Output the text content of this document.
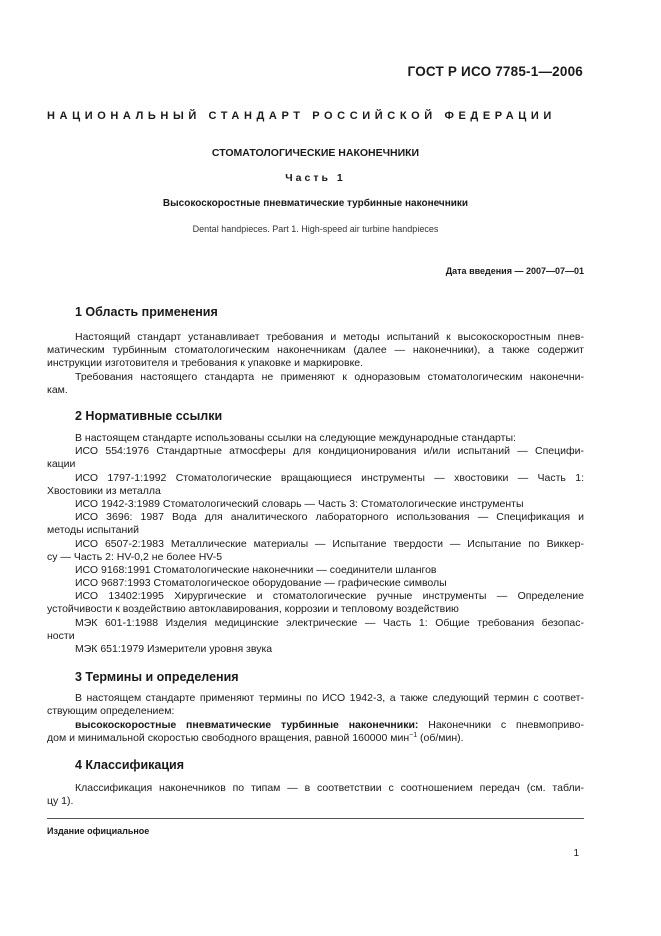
ГОСТ Р ИСО 7785-1—2006
НАЦИОНАЛЬНЫЙ СТАНДАРТ РОССИЙСКОЙ ФЕДЕРАЦИИ
СТОМАТОЛОГИЧЕСКИЕ НАКОНЕЧНИКИ
Часть 1
Высокоскоростные пневматические турбинные наконечники
Dental handpieces. Part 1. High-speed air turbine handpieces
Дата введения — 2007—07—01
1 Область применения
Настоящий стандарт устанавливает требования и методы испытаний к высокоскоростным пнев-
матическим турбинным стоматологическим наконечникам (далее — наконечники), а также содержит
инструкции изготовителя и требования к упаковке и маркировке.
Требования настоящего стандарта не применяют к одноразовым стоматологическим наконечни-
кам.
2 Нормативные ссылки
В настоящем стандарте использованы ссылки на следующие международные стандарты:
ИСО 554:1976 Стандартные атмосферы для кондиционирования и/или испытаний — Специфи-
кации
ИСО 1797-1:1992 Стоматологические вращающиеся инструменты — хвостовики — Часть 1:
Хвостовики из металла
ИСО 1942-3:1989 Стоматологический словарь — Часть 3: Стоматологические инструменты
ИСО 3696: 1987 Вода для аналитического лабораторного использования — Спецификация и
методы испытаний
ИСО 6507-2:1983 Металлические материалы — Испытание твердости — Испытание по Виккер-
су — Часть 2: HV-0,2 не более HV-5
ИСО 9168:1991 Стоматологические наконечники — соединители шлангов
ИСО 9687:1993 Стоматологическое оборудование — графические символы
ИСО 13402:1995 Хирургические и стоматологические ручные инструменты — Определение
устойчивости к воздействию автоклавирования, коррозии и тепловому воздействию
МЭК 601-1:1988 Изделия медицинские электрические — Часть 1: Общие требования безопас-
ности
МЭК 651:1979 Измерители уровня звука
3 Термины и определения
В настоящем стандарте применяют термины по ИСО 1942-3, а также следующий термин с соответ-
ствующим определением:
высокоскоростные пневматические турбинные наконечники: Наконечники с пневмоприво-
дом и минимальной скоростью свободного вращения, равной 160000 мин$^{-1}$ (об/мин).
4 Классификация
Классификация наконечников по типам — в соответствии с соотношением передач (см. табли-
цу 1).
Издание официальное
1
